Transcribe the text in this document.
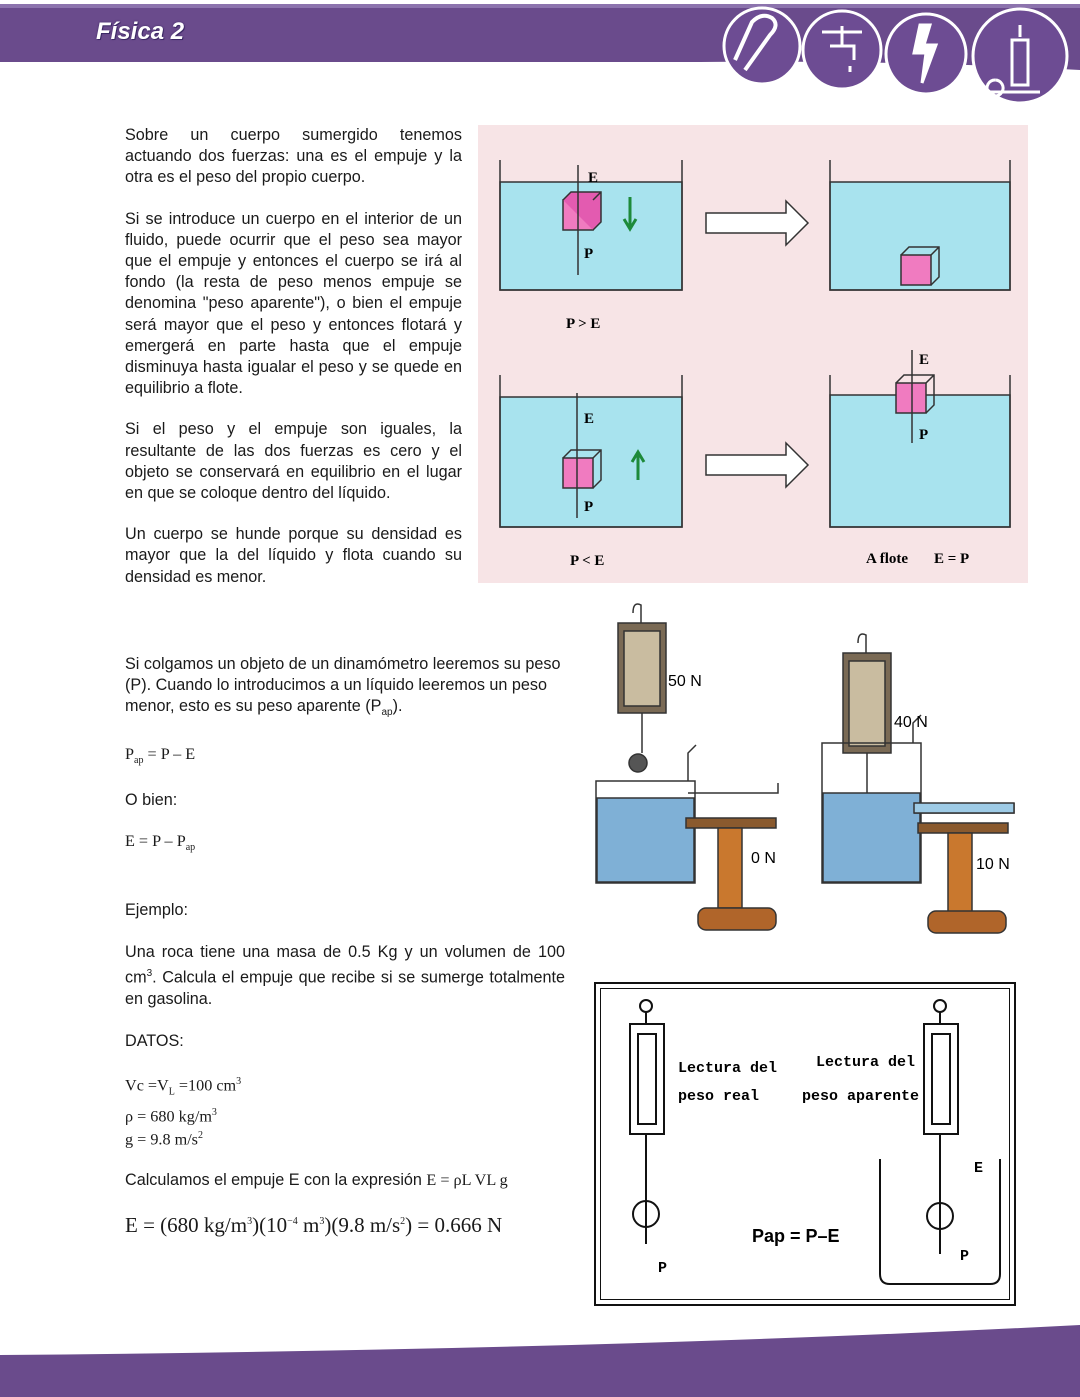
Física 2

Sobre un cuerpo sumergido tenemos actuando dos fuerzas: una es el empuje y la otra es el peso del propio cuerpo.

Si se introduce un cuerpo en el interior de un fluido, puede ocurrir que el peso sea mayor que el empuje y entonces el cuerpo se irá al fondo (la resta de peso menos empuje se denomina "peso aparente"), o bien el empuje será mayor que el peso y entonces flotará y emergerá en parte hasta que el empuje disminuya hasta igualar el peso y se quede en equilibrio a flote.

Si el peso y el empuje son iguales, la resultante de las dos fuerzas es cero y el objeto se conservará en equilibrio en el lugar en que se coloque dentro del líquido.

Un cuerpo se hunde porque su densidad es mayor que la del líquido y flota cuando su densidad es menor.

E
P
E
P
E
P
P > E
P < E	A flote E = P
Si colgamos un objeto de un dinamómetro leeremos su peso (P). Cuando lo introducimos a un líquido leeremos un peso menor, esto es su peso aparente $(P_{ap})$.
$P_{ap} = P - E$
O bien:
$E = P - P_{ap}$
Ejemplo:
Una roca tiene una masa de 0.5 Kg y un volumen de 100 $cm^3$. Calcula el empuje que recibe si se sumerge totalmente en gasolina.
DATOS:
$Vc =V_L =100$ $cm^3$
ρ = 680 $kg/m^3$
g = 9.8 $m/s^2$
Calculamos el empuje E con la expresión E = ρL VL g
E = (680 $kg/m^3)(10^{-4}$ $m^3)(9.8$ $m/s^2) = 0.666$ N
50 N
0 N
40 N
10 N
Lectura del
peso real
Lectura del
peso aparente
P
E
P
Pap = P–E
